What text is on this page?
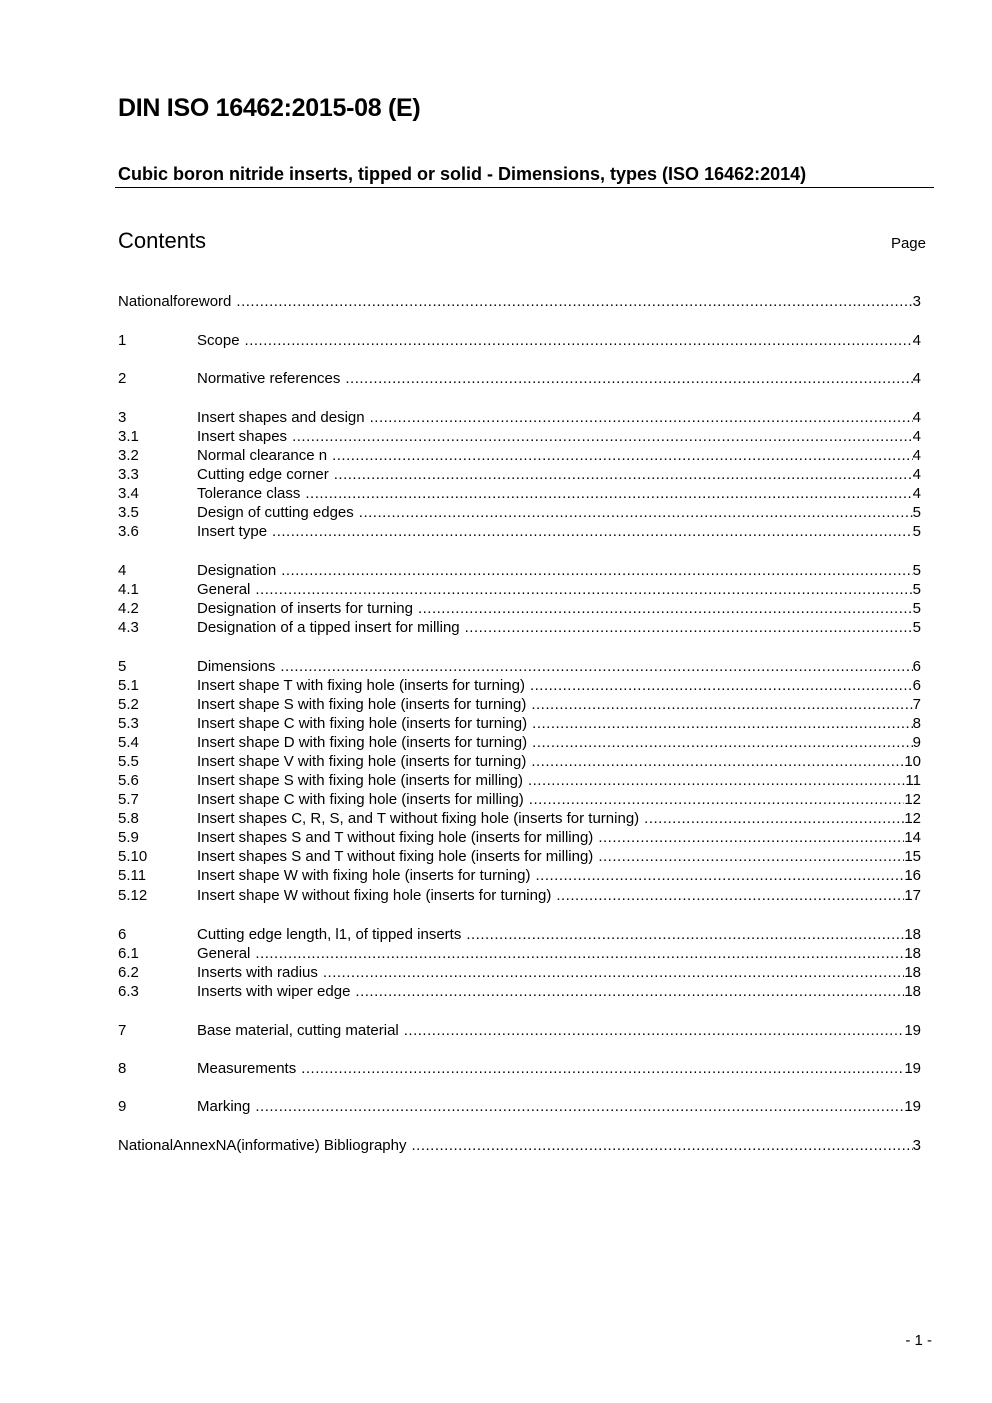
DIN ISO 16462:2015-08 (E)
Cubic boron nitride inserts, tipped or solid - Dimensions, types (ISO 16462:2014)
Contents	Page
Nationalforeword .....	3
1	Scope .....	4
2	Normative references .....	4
3	Insert shapes and design .....	4
3.1	Insert shapes .....	4
3.2	Normal clearance n .....	4
3.3	Cutting edge corner .....	4
3.4	Tolerance class .....	4
3.5	Design of cutting edges .....	5
3.6	Insert type .....	5
4	Designation .....	5
4.1	General .....	5
4.2	Designation of inserts for turning .....	5
4.3	Designation of a tipped insert for milling .....	5
5	Dimensions .....	6
5.1	Insert shape T with fixing hole (inserts for turning) .....	6
5.2	Insert shape S with fixing hole (inserts for turning) .....	7
5.3	Insert shape C with fixing hole (inserts for turning) .....	8
5.4	Insert shape D with fixing hole (inserts for turning) .....	9
5.5	Insert shape V with fixing hole (inserts for turning) .....	10
5.6	Insert shape S with fixing hole (inserts for milling) .....	11
5.7	Insert shape C with fixing hole (inserts for milling) .....	12
5.8	Insert shapes C, R, S, and T without fixing hole (inserts for turning) .....	12
5.9	Insert shapes S and T without fixing hole (inserts for milling) .....	14
5.10	Insert shapes S and T without fixing hole (inserts for milling) .....	15
5.11	Insert shape W with fixing hole (inserts for turning) .....	16
5.12	Insert shape W without fixing hole (inserts for turning) .....	17
6	Cutting edge length, l1, of tipped inserts .....	18
6.1	General .....	18
6.2	Inserts with radius .....	18
6.3	Inserts with wiper edge .....	18
7	Base material, cutting material .....	19
8	Measurements .....	19
9	Marking .....	19
NationalAnnexNA(informative) Bibliography .....	3
- 1 -
